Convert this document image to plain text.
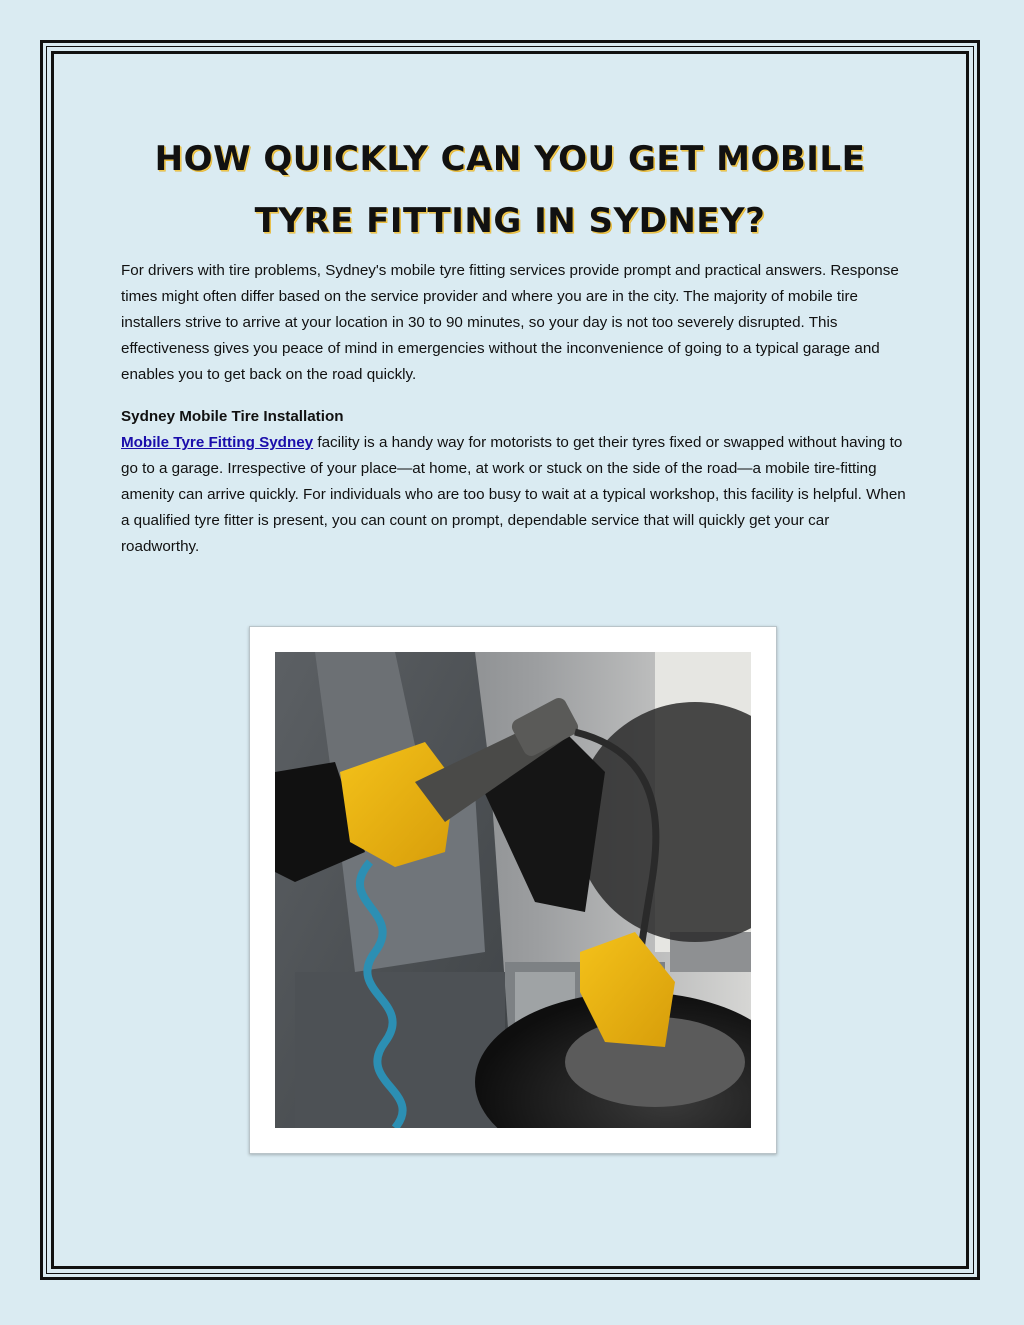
HOW QUICKLY CAN YOU GET MOBILE TYRE FITTING IN SYDNEY?

For drivers with tire problems, Sydney's mobile tyre fitting services provide prompt and practical answers. Response times might often differ based on the service provider and where you are in the city. The majority of mobile tire installers strive to arrive at your location in 30 to 90 minutes, so your day is not too severely disrupted. This effectiveness gives you peace of mind in emergencies without the inconvenience of going to a typical garage and enables you to get back on the road quickly.

Sydney Mobile Tire Installation

Mobile Tyre Fitting Sydney facility is a handy way for motorists to get their tyres fixed or swapped without having to go to a garage. Irrespective of your place—at home, at work or stuck on the side of the road—a mobile tire-fitting amenity can arrive quickly. For individuals who are too busy to wait at a typical workshop, this facility is helpful. When a qualified tyre fitter is present, you can count on prompt, dependable service that will quickly get your car roadworthy.
